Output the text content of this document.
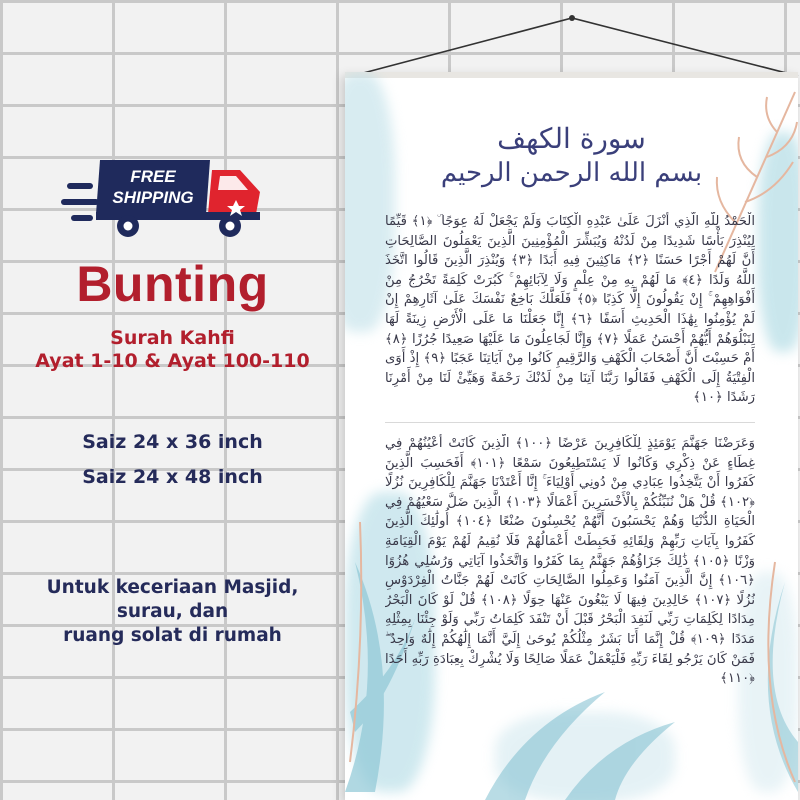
FREE
SHIPPING
Bunting
Surah Kahfi
Ayat 1-10 & Ayat 100-110
Saiz 24 x 36 inch
Saiz 24 x 48 inch
Untuk keceriaan Masjid,
surau, dan
ruang solat di rumah
سورة الكهف
بسم الله الرحمن الرحيم
الْحَمْدُ لِلَّهِ الَّذِي أَنْزَلَ عَلَىٰ عَبْدِهِ الْكِتَابَ وَلَمْ يَجْعَلْ لَهُ عِوَجًا ۜ ﴿١﴾ قَيِّمًا لِيُنْذِرَ بَأْسًا شَدِيدًا مِنْ لَدُنْهُ وَيُبَشِّرَ الْمُؤْمِنِينَ الَّذِينَ يَعْمَلُونَ الصَّالِحَاتِ أَنَّ لَهُمْ أَجْرًا حَسَنًا ﴿٢﴾ مَاكِثِينَ فِيهِ أَبَدًا ﴿٣﴾ وَيُنْذِرَ الَّذِينَ قَالُوا اتَّخَذَ اللَّهُ وَلَدًا ﴿٤﴾ مَا لَهُمْ بِهِ مِنْ عِلْمٍ وَلَا لِآبَائِهِمْ ۚ كَبُرَتْ كَلِمَةً تَخْرُجُ مِنْ أَفْوَاهِهِمْ ۚ إِنْ يَقُولُونَ إِلَّا كَذِبًا ﴿٥﴾ فَلَعَلَّكَ بَاخِعٌ نَفْسَكَ عَلَىٰ آثَارِهِمْ إِنْ لَمْ يُؤْمِنُوا بِهَٰذَا الْحَدِيثِ أَسَفًا ﴿٦﴾ إِنَّا جَعَلْنَا مَا عَلَى الْأَرْضِ زِينَةً لَهَا لِنَبْلُوَهُمْ أَيُّهُمْ أَحْسَنُ عَمَلًا ﴿٧﴾ وَإِنَّا لَجَاعِلُونَ مَا عَلَيْهَا صَعِيدًا جُرُزًا ﴿٨﴾ أَمْ حَسِبْتَ أَنَّ أَصْحَابَ الْكَهْفِ وَالرَّقِيمِ كَانُوا مِنْ آيَاتِنَا عَجَبًا ﴿٩﴾ إِذْ أَوَى الْفِتْيَةُ إِلَى الْكَهْفِ فَقَالُوا رَبَّنَا آتِنَا مِنْ لَدُنْكَ رَحْمَةً وَهَيِّئْ لَنَا مِنْ أَمْرِنَا رَشَدًا ﴿١٠﴾
وَعَرَضْنَا جَهَنَّمَ يَوْمَئِذٍ لِلْكَافِرِينَ عَرْضًا ﴿١٠٠﴾ الَّذِينَ كَانَتْ أَعْيُنُهُمْ فِي غِطَاءٍ عَنْ ذِكْرِي وَكَانُوا لَا يَسْتَطِيعُونَ سَمْعًا ﴿١٠١﴾ أَفَحَسِبَ الَّذِينَ كَفَرُوا أَنْ يَتَّخِذُوا عِبَادِي مِنْ دُونِي أَوْلِيَاءَ ۚ إِنَّا أَعْتَدْنَا جَهَنَّمَ لِلْكَافِرِينَ نُزُلًا ﴿١٠٢﴾ قُلْ هَلْ نُنَبِّئُكُمْ بِالْأَخْسَرِينَ أَعْمَالًا ﴿١٠٣﴾ الَّذِينَ ضَلَّ سَعْيُهُمْ فِي الْحَيَاةِ الدُّنْيَا وَهُمْ يَحْسَبُونَ أَنَّهُمْ يُحْسِنُونَ صُنْعًا ﴿١٠٤﴾ أُولَٰئِكَ الَّذِينَ كَفَرُوا بِآيَاتِ رَبِّهِمْ وَلِقَائِهِ فَحَبِطَتْ أَعْمَالُهُمْ فَلَا نُقِيمُ لَهُمْ يَوْمَ الْقِيَامَةِ وَزْنًا ﴿١٠٥﴾ ذَٰلِكَ جَزَاؤُهُمْ جَهَنَّمُ بِمَا كَفَرُوا وَاتَّخَذُوا آيَاتِي وَرُسُلِي هُزُوًا ﴿١٠٦﴾ إِنَّ الَّذِينَ آمَنُوا وَعَمِلُوا الصَّالِحَاتِ كَانَتْ لَهُمْ جَنَّاتُ الْفِرْدَوْسِ نُزُلًا ﴿١٠٧﴾ خَالِدِينَ فِيهَا لَا يَبْغُونَ عَنْهَا حِوَلًا ﴿١٠٨﴾ قُلْ لَوْ كَانَ الْبَحْرُ مِدَادًا لِكَلِمَاتِ رَبِّي لَنَفِدَ الْبَحْرُ قَبْلَ أَنْ تَنْفَدَ كَلِمَاتُ رَبِّي وَلَوْ جِئْنَا بِمِثْلِهِ مَدَدًا ﴿١٠٩﴾ قُلْ إِنَّمَا أَنَا بَشَرٌ مِثْلُكُمْ يُوحَىٰ إِلَيَّ أَنَّمَا إِلَٰهُكُمْ إِلَٰهٌ وَاحِدٌ ۖ فَمَنْ كَانَ يَرْجُو لِقَاءَ رَبِّهِ فَلْيَعْمَلْ عَمَلًا صَالِحًا وَلَا يُشْرِكْ بِعِبَادَةِ رَبِّهِ أَحَدًا ﴿١١٠﴾
